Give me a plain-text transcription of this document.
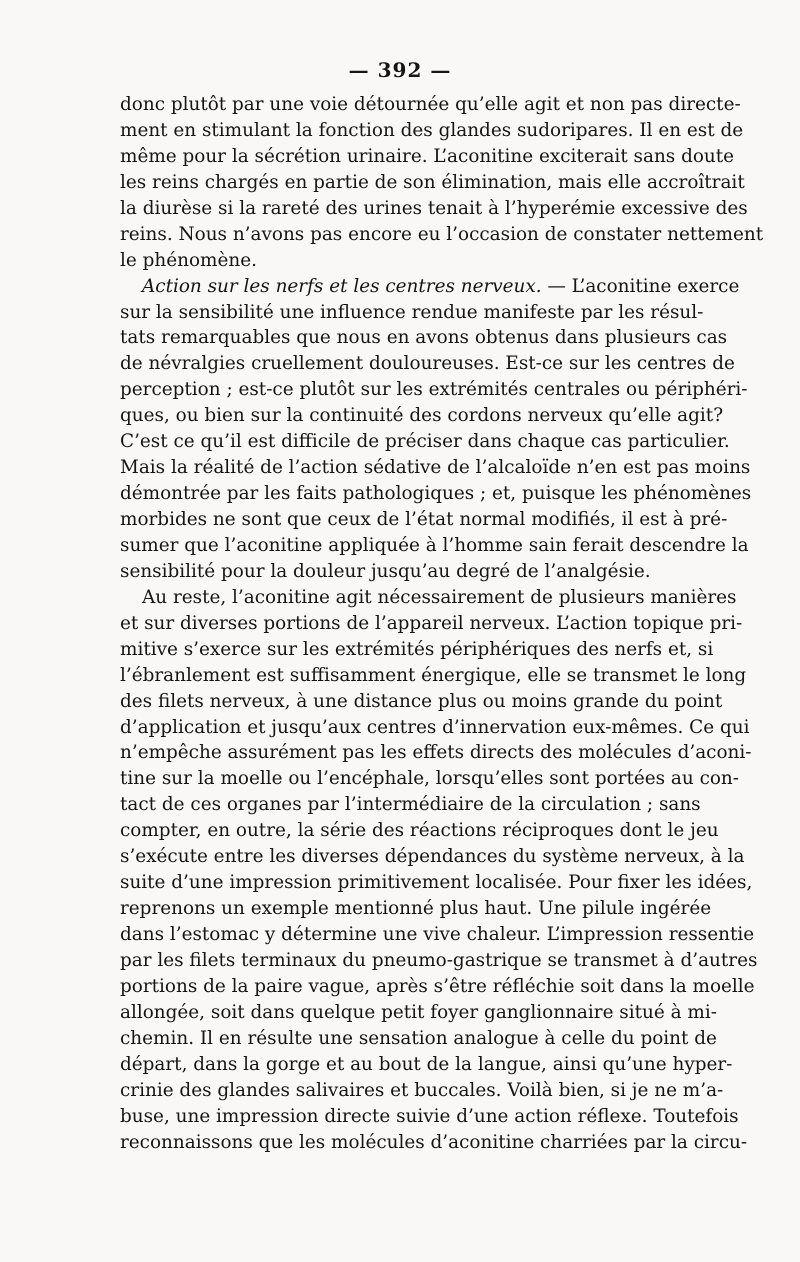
— 392 —
donc plutôt par une voie détournée qu’elle agit et non pas directe-
ment en stimulant la fonction des glandes sudoripares. Il en est de
même pour la sécrétion urinaire. L’aconitine exciterait sans doute
les reins chargés en partie de son élimination, mais elle accroîtrait
la diurèse si la rareté des urines tenait à l’hyperémie excessive des
reins. Nous n’avons pas encore eu l’occasion de constater nettement
le phénomène.
Action sur les nerfs et les centres nerveux. — L’aconitine exerce
sur la sensibilité une influence rendue manifeste par les résul-
tats remarquables que nous en avons obtenus dans plusieurs cas
de névralgies cruellement douloureuses. Est-ce sur les centres de
perception ; est-ce plutôt sur les extrémités centrales ou périphéri-
ques, ou bien sur la continuité des cordons nerveux qu’elle agit?
C’est ce qu’il est difficile de préciser dans chaque cas particulier.
Mais la réalité de l’action sédative de l’alcaloïde n’en est pas moins
démontrée par les faits pathologiques ; et, puisque les phénomènes
morbides ne sont que ceux de l’état normal modifiés, il est à pré-
sumer que l’aconitine appliquée à l’homme sain ferait descendre la
sensibilité pour la douleur jusqu’au degré de l’analgésie.
Au reste, l’aconitine agit nécessairement de plusieurs manières
et sur diverses portions de l’appareil nerveux. L’action topique pri-
mitive s’exerce sur les extrémités périphériques des nerfs et, si
l’ébranlement est suffisamment énergique, elle se transmet le long
des filets nerveux, à une distance plus ou moins grande du point
d’application et jusqu’aux centres d’innervation eux-mêmes. Ce qui
n’empêche assurément pas les effets directs des molécules d’aconi-
tine sur la moelle ou l’encéphale, lorsqu’elles sont portées au con-
tact de ces organes par l’intermédiaire de la circulation ; sans
compter, en outre, la série des réactions réciproques dont le jeu
s’exécute entre les diverses dépendances du système nerveux, à la
suite d’une impression primitivement localisée. Pour fixer les idées,
reprenons un exemple mentionné plus haut. Une pilule ingérée
dans l’estomac y détermine une vive chaleur. L’impression ressentie
par les filets terminaux du pneumo-gastrique se transmet à d’autres
portions de la paire vague, après s’être réfléchie soit dans la moelle
allongée, soit dans quelque petit foyer ganglionnaire situé à mi-
chemin. Il en résulte une sensation analogue à celle du point de
départ, dans la gorge et au bout de la langue, ainsi qu’une hyper-
crinie des glandes salivaires et buccales. Voilà bien, si je ne m’a-
buse, une impression directe suivie d’une action réflexe. Toutefois
reconnaissons que les molécules d’aconitine charriées par la circu-
